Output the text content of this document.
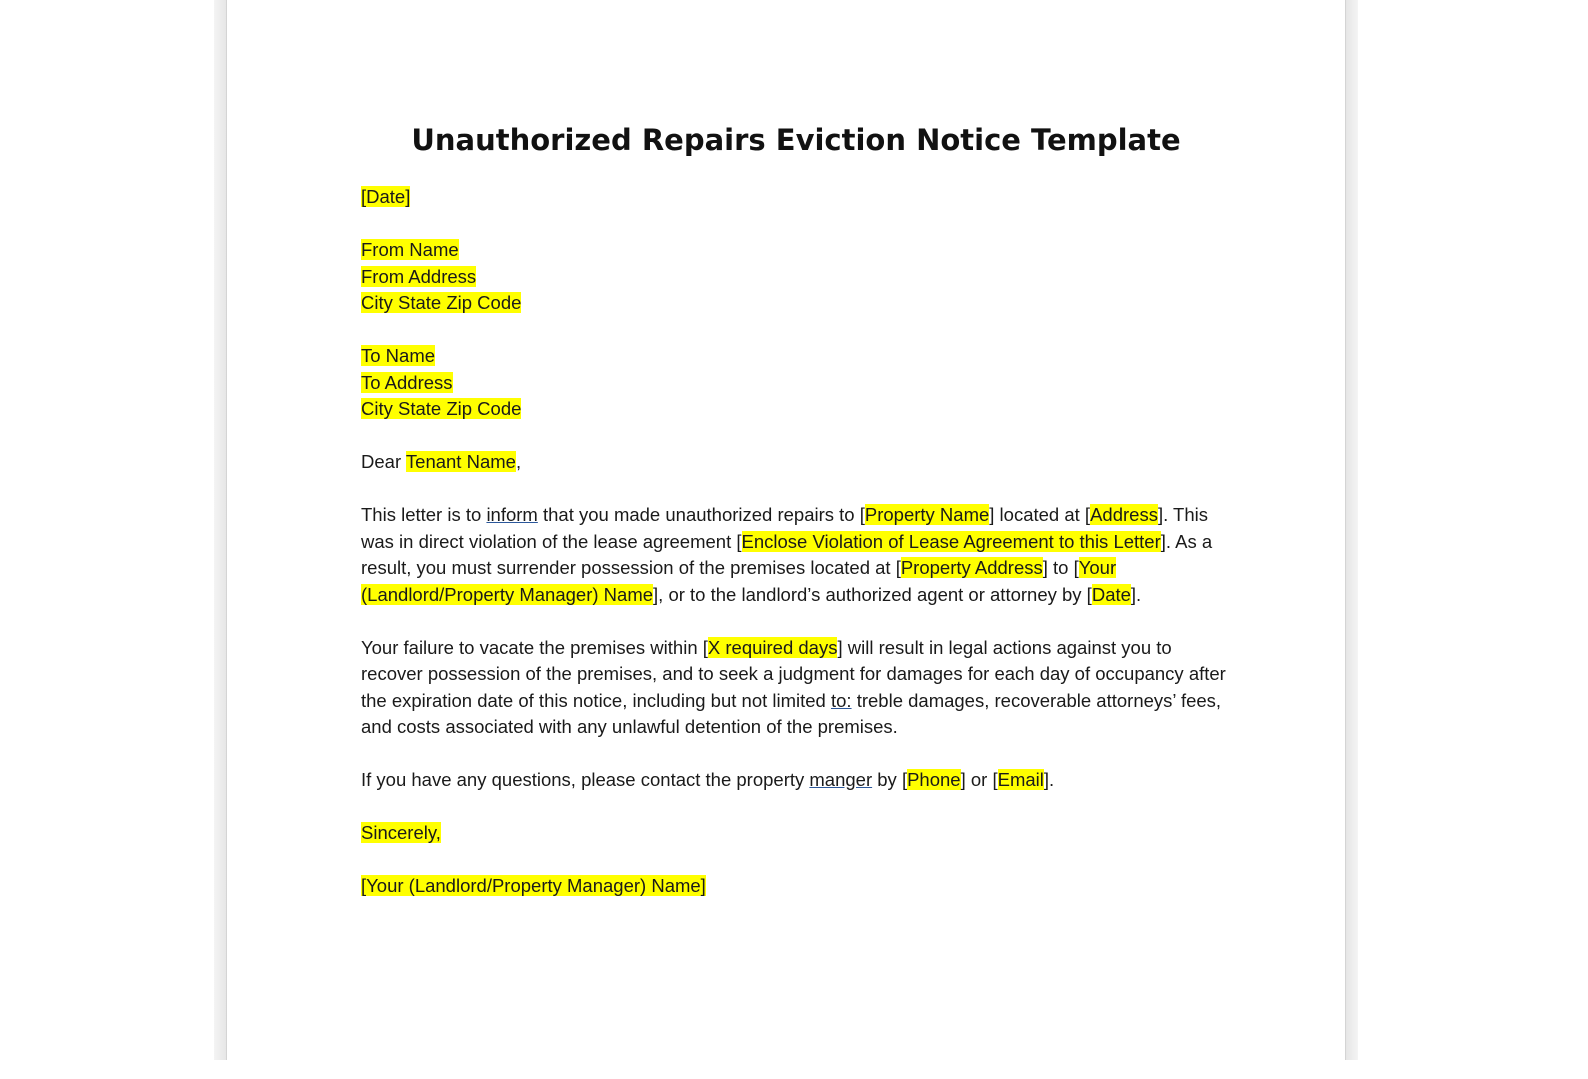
Unauthorized Repairs Eviction Notice Template

[Date]

From Name
From Address
City State Zip Code

To Name
To Address
City State Zip Code

Dear Tenant Name,

This letter is to inform that you made unauthorized repairs to [Property Name] located at [Address]. This was in direct violation of the lease agreement [Enclose Violation of Lease Agreement to this Letter]. As a result, you must surrender possession of the premises located at [Property Address] to [Your (Landlord/Property Manager) Name], or to the landlord’s authorized agent or attorney by [Date].

Your failure to vacate the premises within [X required days] will result in legal actions against you to recover possession of the premises, and to seek a judgment for damages for each day of occupancy after the expiration date of this notice, including but not limited to: treble damages, recoverable attorneys’ fees, and costs associated with any unlawful detention of the premises.

If you have any questions, please contact the property manger by [Phone] or [Email].

Sincerely,

[Your (Landlord/Property Manager) Name]
